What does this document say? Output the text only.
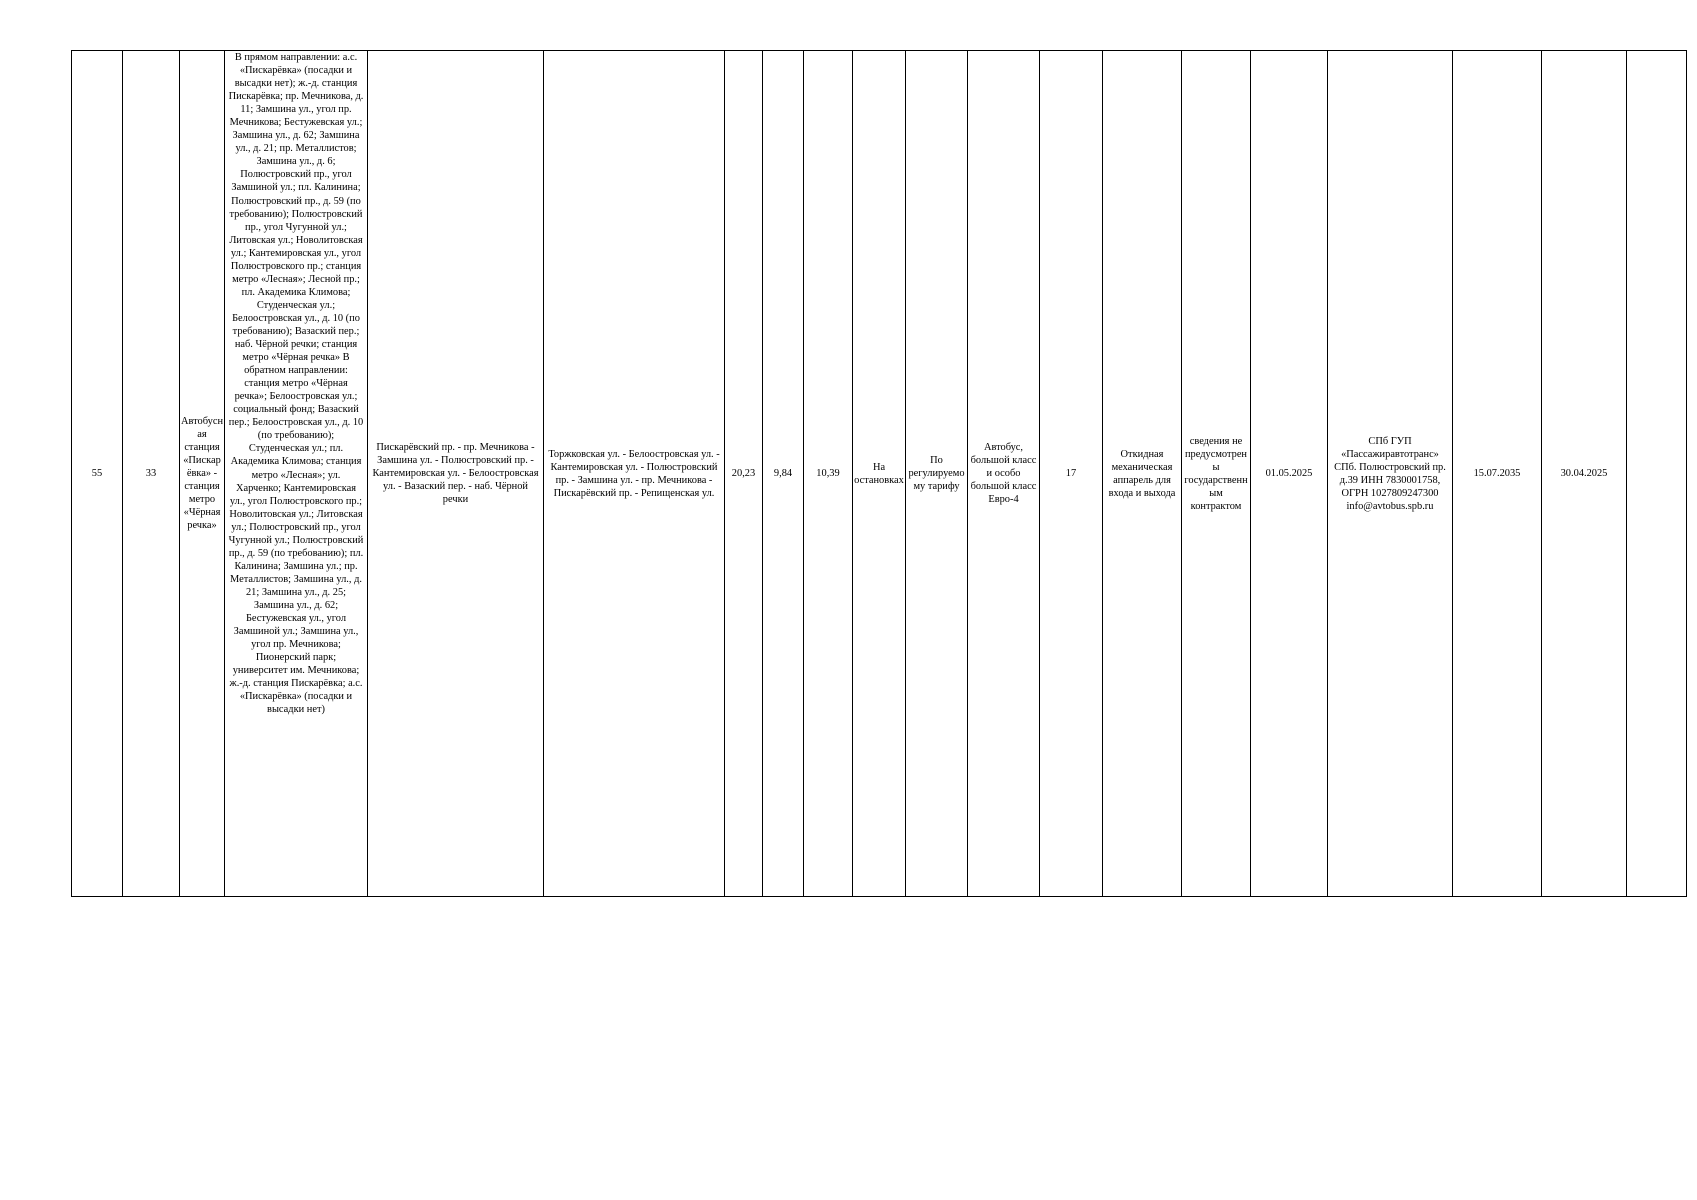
55	33	Автобусная станция «Пискарёвка» - станция метро «Чёрная речка»	В прямом направлении: а.с. «Пискарёвка» (посадки и высадки нет); ж.-д. станция Пискарёвка; пр. Мечникова, д. 11; Замшина ул., угол пр. Мечникова; Бестужевская ул.; Замшина ул., д. 62; Замшина ул., д. 21; пр. Металлистов; Замшина ул., д. 6; Полюстровский пр., угол Замшиной ул.; пл. Калинина; Полюстровский пр., д. 59 (по требованию); Полюстровский пр., угол Чугунной ул.; Литовская ул.; Новолитовская ул.; Кантемировская ул., угол Полюстровского пр.; станция метро «Лесная»; Лесной пр.; пл. Академика Климова; Студенческая ул.; Белоостровская ул., д. 10 (по требованию); Вазаский пер.; наб. Чёрной речки; станция метро «Чёрная речка» В обратном направлении: станция метро «Чёрная речка»; Белоостровская ул.; социальный фонд; Вазаский пер.; Белоостровская ул., д. 10 (по требованию); Студенческая ул.; пл. Академика Климова; станция метро «Лесная»; ул. Харченко; Кантемировская ул., угол Полюстровского пр.; Новолитовская ул.; Литовская ул.; Полюстровский пр., угол Чугунной ул.; Полюстровский пр., д. 59 (по требованию); пл. Калинина; Замшина ул.; пр. Металлистов; Замшина ул., д. 21; Замшина ул., д. 25; Замшина ул., д. 62; Бестужевская ул., угол Замшиной ул.; Замшина ул., угол пр. Мечникова; Пионерский парк; университет им. Мечникова; ж.-д. станция Пискарёвка; а.с. «Пискарёвка» (посадки и высадки нет)	Пискарёвский пр. - пр. Мечникова - Замшина ул. - Полюстровский пр. - Кантемировская ул. - Белоостровская ул. - Вазаский пер. - наб. Чёрной речки	Торжковская ул. - Белоостровская ул. - Кантемировская ул. - Полюстровский пр. - Замшина ул. - пр. Мечникова - Пискарёвский пр. - Репищенская ул.	20,23	9,84	10,39	На остановках	По регулируемому тарифу	Автобус, большой класс и особо большой класс Евро-4	17	Откидная механическая аппарель для входа и выхода	сведения не предусмотрены государственным контрактом	01.05.2025	СПб ГУП «Пассажиравтотранс» СПб. Полюстровский пр. д.39 ИНН 7830001758, ОГРН 1027809247300 info@avtobus.spb.ru	15.07.2035	30.04.2025	
